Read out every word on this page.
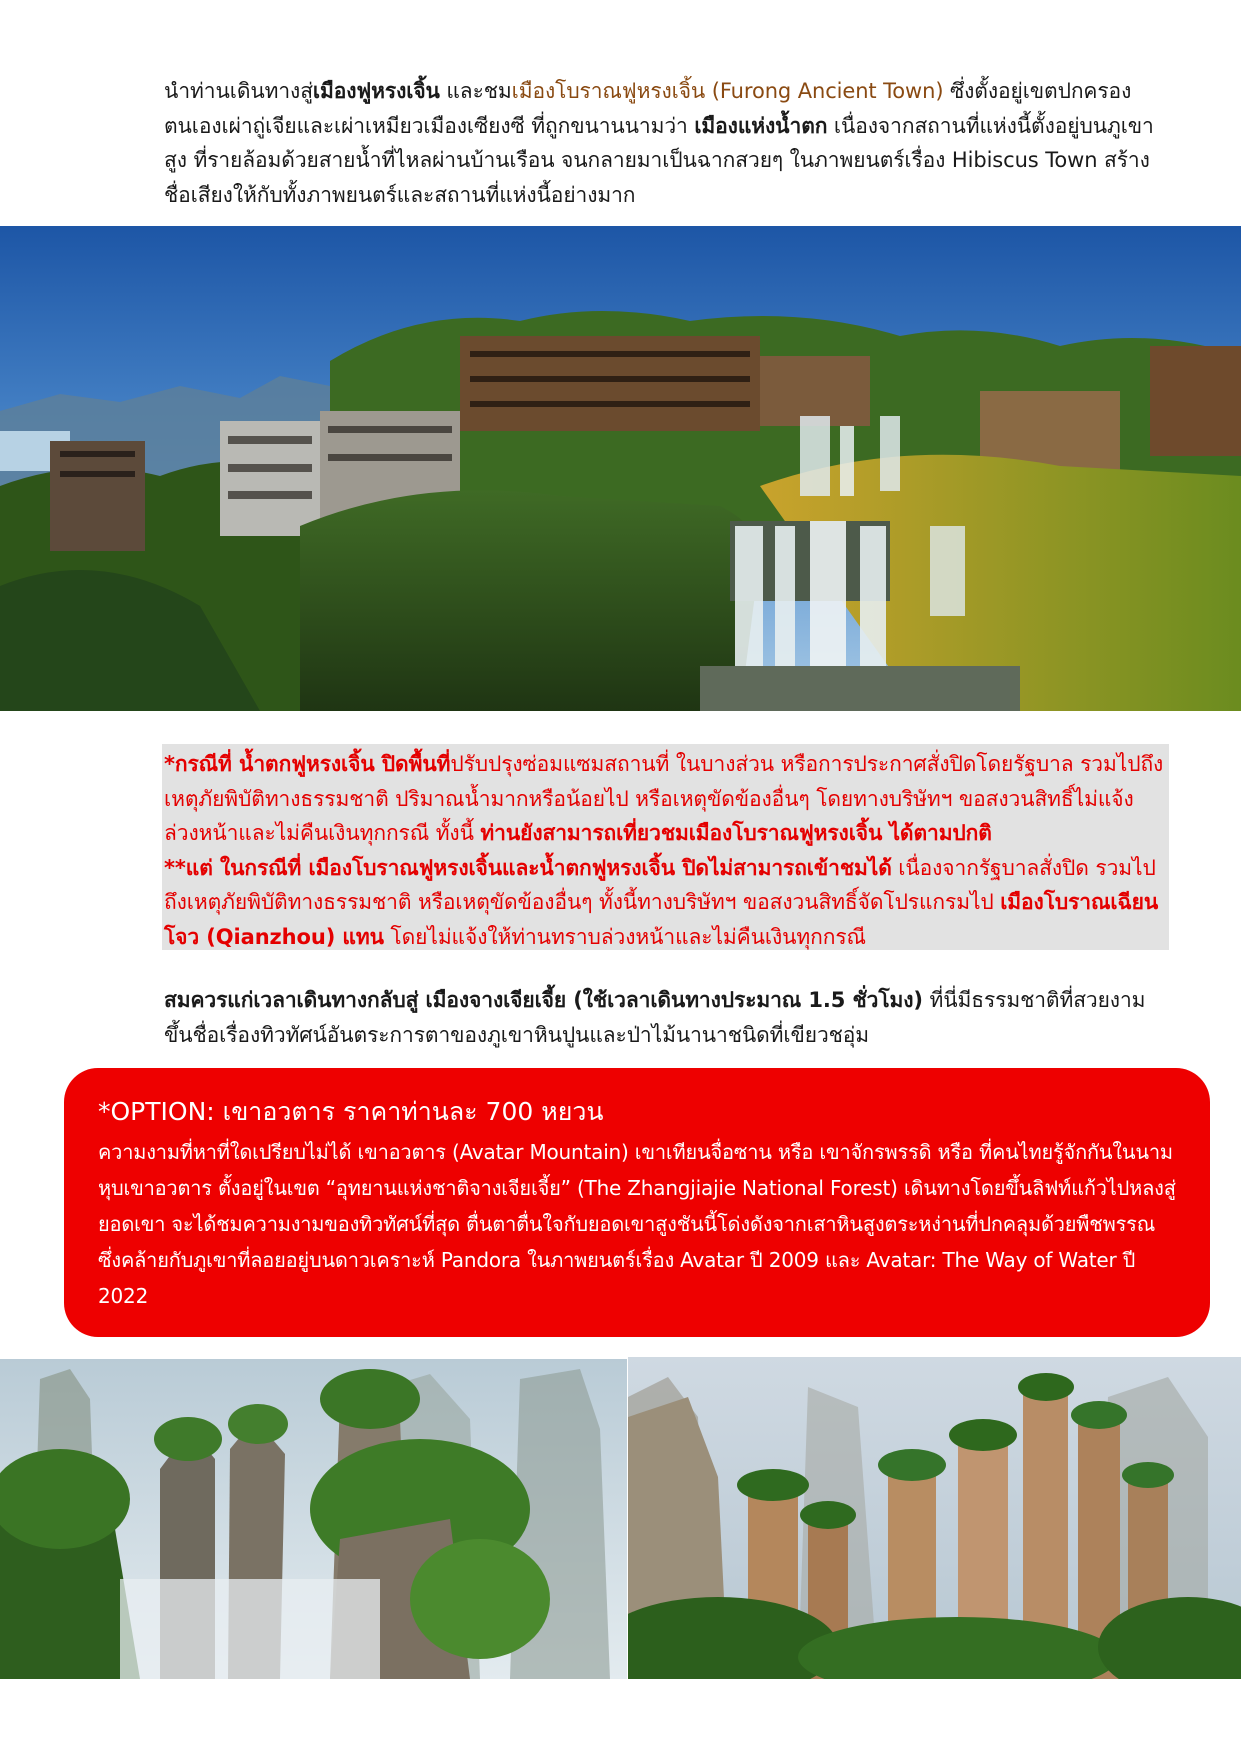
นำท่านเดินทางสู่เมืองฟูหรงเจิ้น และชมเมืองโบราณฟูหรงเจิ้น (Furong Ancient Town) ซึ่งตั้งอยู่เขตปกครองตนเองเผ่าถู่เจียและเผ่าเหมียวเมืองเซียงซี ที่ถูกขนานนามว่า เมืองแห่งน้ำตก เนื่องจากสถานที่แห่งนี้ตั้งอยู่บนภูเขาสูง ที่รายล้อมด้วยสายน้ำที่ไหลผ่านบ้านเรือน จนกลายมาเป็นฉากสวยๆ ในภาพยนตร์เรื่อง Hibiscus Town สร้างชื่อเสียงให้กับทั้งภาพยนตร์และสถานที่แห่งนี้อย่างมาก
*กรณีที่ น้ำตกฟูหรงเจิ้น ปิดพื้นที่ปรับปรุงซ่อมแซมสถานที่ ในบางส่วน หรือการประกาศสั่งปิดโดยรัฐบาล รวมไปถึงเหตุภัยพิบัติทางธรรมชาติ ปริมาณน้ำมากหรือน้อยไป หรือเหตุขัดข้องอื่นๆ โดยทางบริษัทฯ ขอสงวนสิทธิ์ไม่แจ้งล่วงหน้าและไม่คืนเงินทุกกรณี ทั้งนี้ ท่านยังสามารถเที่ยวชมเมืองโบราณฟูหรงเจิ้น ได้ตามปกติ
**แต่ ในกรณีที่ เมืองโบราณฟูหรงเจิ้นและน้ำตกฟูหรงเจิ้น ปิดไม่สามารถเข้าชมได้ เนื่องจากรัฐบาลสั่งปิด รวมไปถึงเหตุภัยพิบัติทางธรรมชาติ หรือเหตุขัดข้องอื่นๆ ทั้งนี้ทางบริษัทฯ ขอสงวนสิทธิ์จัดโปรแกรมไป เมืองโบราณเฉียนโจว (Qianzhou) แทน โดยไม่แจ้งให้ท่านทราบล่วงหน้าและไม่คืนเงินทุกกรณี
สมควรแก่เวลาเดินทางกลับสู่ เมืองจางเจียเจี้ย (ใช้เวลาเดินทางประมาณ 1.5 ชั่วโมง) ที่นี่มีธรรมชาติที่สวยงาม ขึ้นชื่อเรื่องทิวทัศน์อันตระการตาของภูเขาหินปูนและป่าไม้นานาชนิดที่เขียวชอุ่ม
*OPTION: เขาอวตาร ราคาท่านละ 700 หยวน
ความงามที่หาที่ใดเปรียบไม่ได้ เขาอวตาร (Avatar Mountain) เขาเทียนจื่อซาน หรือ เขาจักรพรรดิ หรือ ที่คนไทยรู้จักกันในนามหุบเขาอวตาร ตั้งอยู่ในเขต “อุทยานแห่งชาติจางเจียเจี้ย” (The Zhangjiajie National Forest) เดินทางโดยขึ้นลิฟท์แก้วไปหลงสู่ยอดเขา จะได้ชมความงามของทิวทัศน์ที่สุด ตื่นตาตื่นใจกับยอดเขาสูงชันนี้โด่งดังจากเสาหินสูงตระหง่านที่ปกคลุมด้วยพืชพรรณ ซึ่งคล้ายกับภูเขาที่ลอยอยู่บนดาวเคราะห์ Pandora ในภาพยนตร์เรื่อง Avatar ปี 2009 และ Avatar: The Way of Water ปี 2022
